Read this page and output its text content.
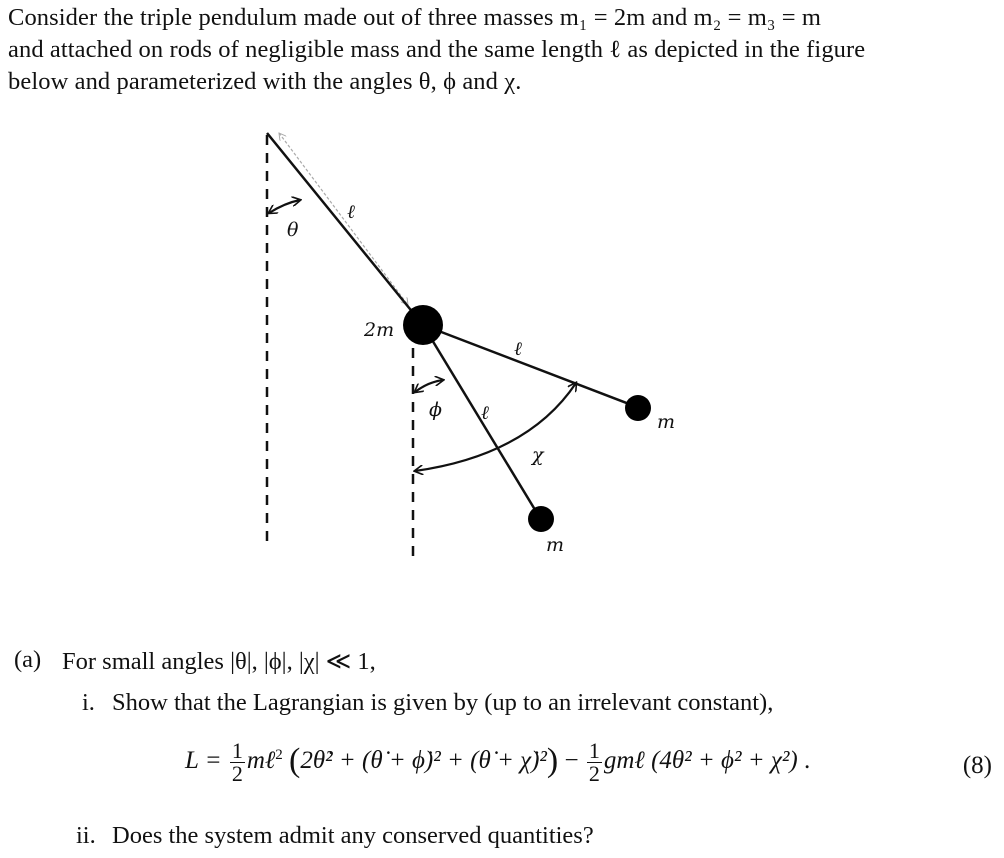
Consider the triple pendulum made out of three masses m₁ = 2m and m₂ = m₃ = m

and attached on rods of negligible mass and the same length ℓ as depicted in the figure

below and parameterized with the angles θ, ϕ and χ.

θ
ℓ
2m
ℓ
ϕ ℓ	m
χ
m
(a) For small angles |θ|, |ϕ|, |χ| ≪ 1,
i. Show that the Lagrangian is given by (up to an irrelevant constant),
$L = \frac{1}{2}$ mℓ$^2$ (2θ̇² + (θ̇ + ϕ̇)² + (θ̇ + χ̇)²) − $\frac{1}{2}$ gmℓ (4θ² + ϕ² + χ²) .	(8)
ii. Does the system admit any conserved quantities?
